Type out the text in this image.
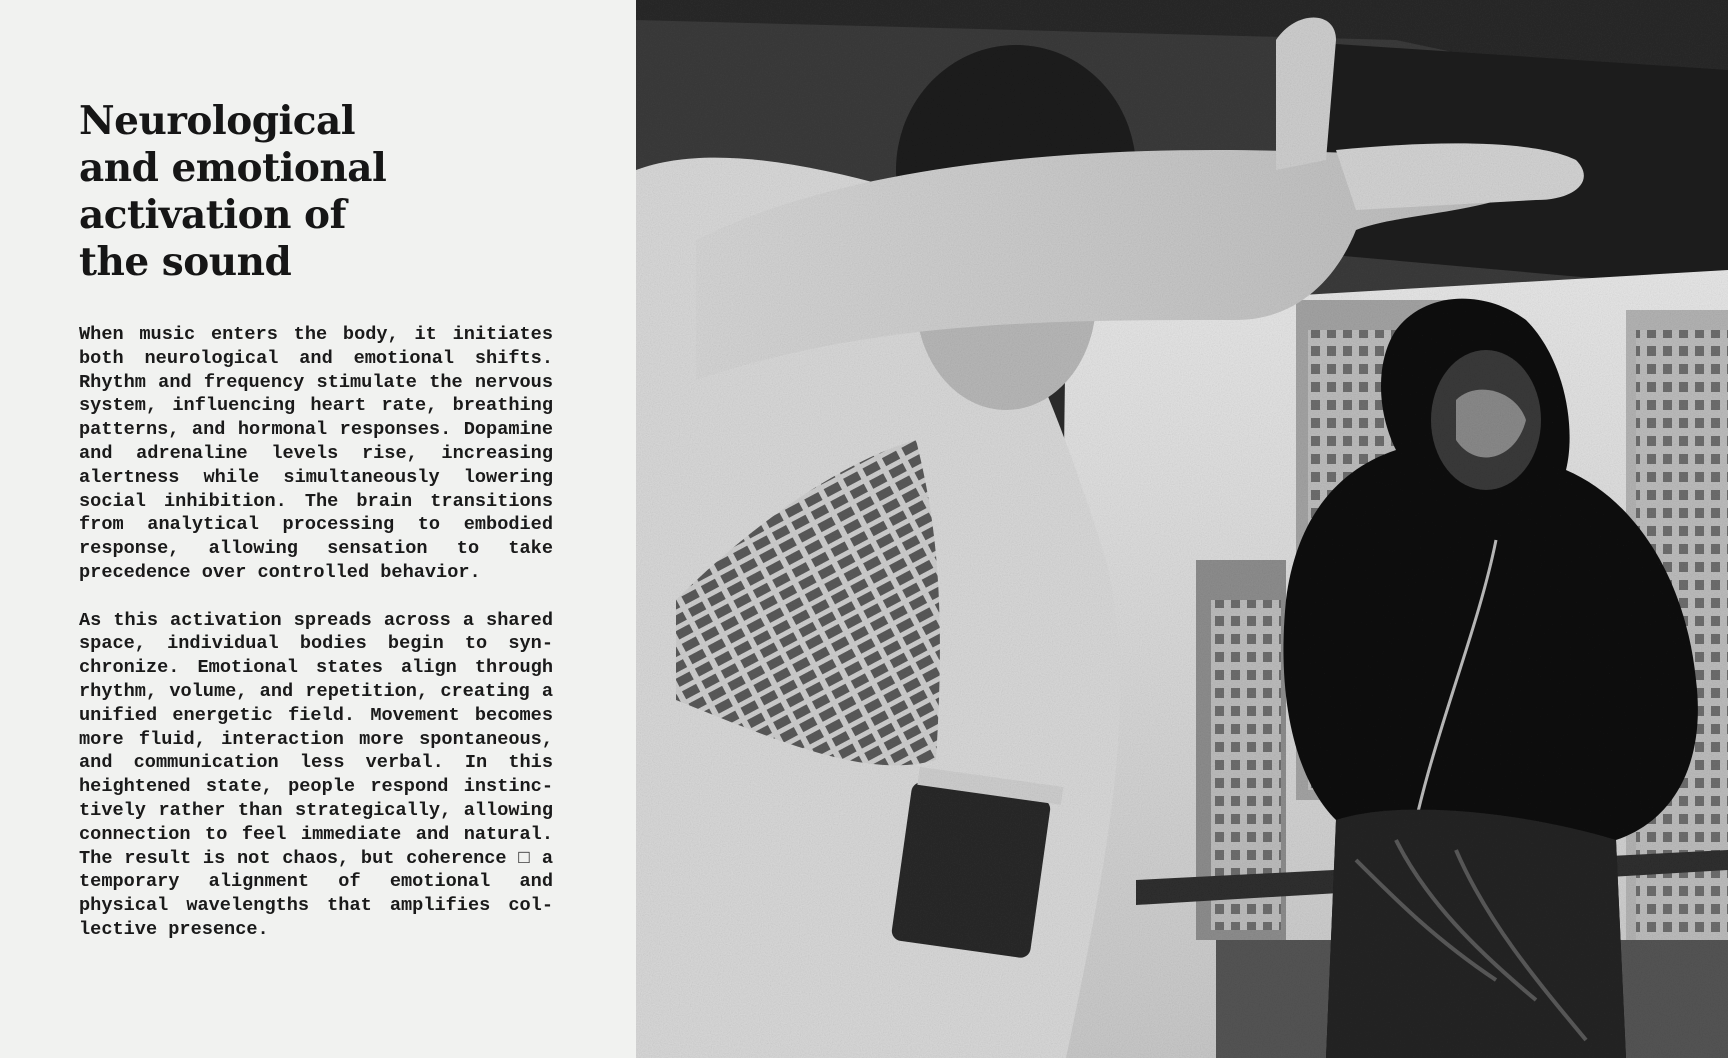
Neurological
and emotional
activation of
the sound

When music enters the body, it initiates both neurological and emotional shifts. Rhythm and frequency stimulate the nervous system, influencing heart rate, breathing patterns, and hormonal responses. Dopamine and adrenaline levels rise, increasing alertness while simultaneously lowering social inhibition. The brain transitions from analytical processing to embodied response, allowing sensation to take precedence over controlled behavior.

As this activation spreads across a shared space, individual bodies begin to synchronize. Emotional states align through rhythm, volume, and repetition, creating a unified energetic field. Movement becomes more fluid, interaction more spontaneous, and communication less verbal. In this heightened state, people respond instinctively rather than strategically, allowing connection to feel immediate and natural. The result is not chaos, but coherence □ a temporary alignment of emotional and physical wavelengths that amplifies collective presence.
